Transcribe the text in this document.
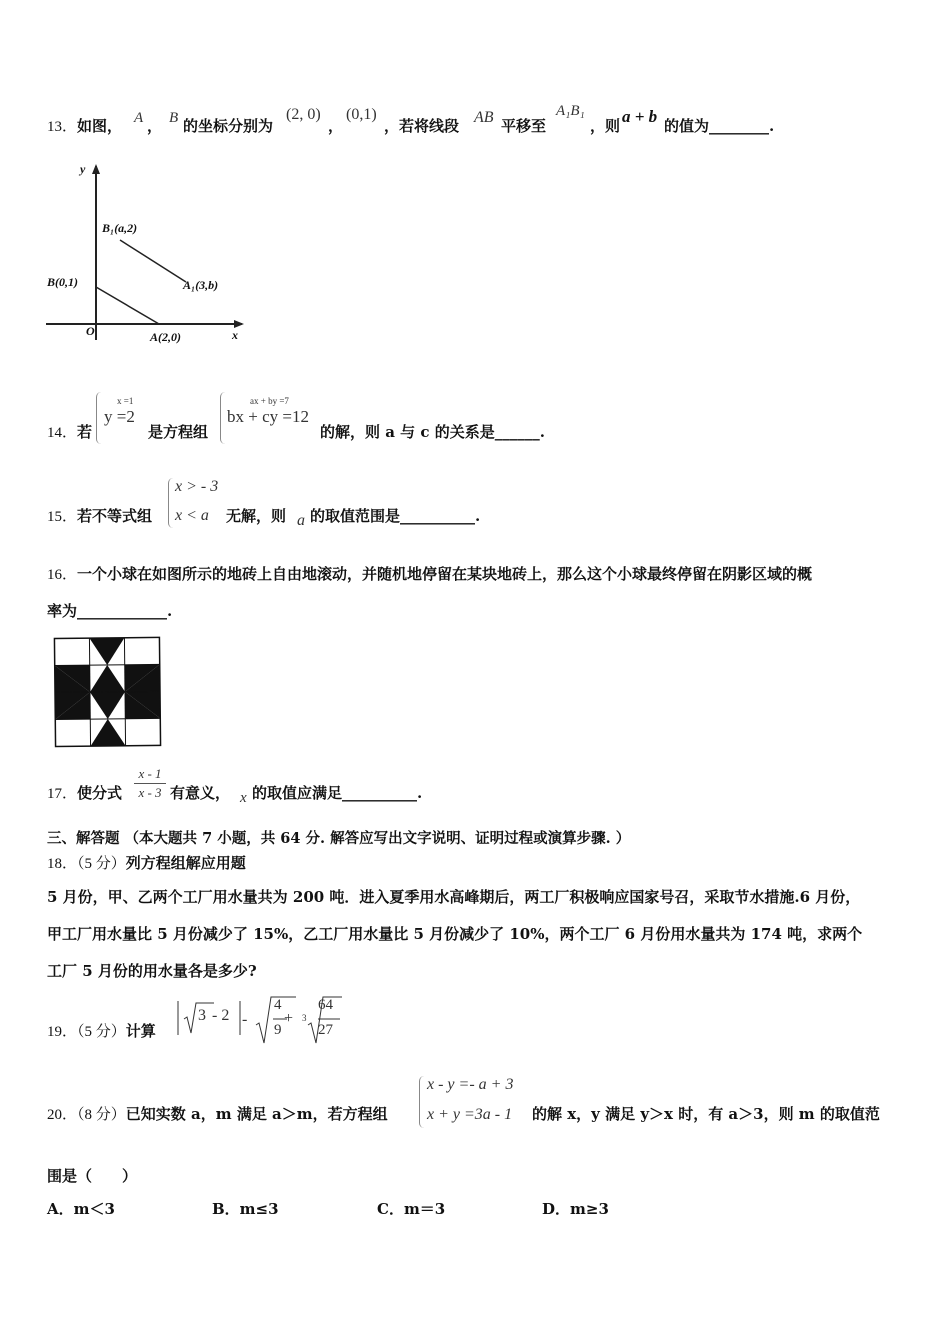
13．如图， A ， B 的坐标分别为
(2, 0)
，
(0,1)
，若将线段 AB 平移至
A₁B₁
，则 a + b 的值为________.
y
x
O
B₁(a,2)
A₁(3,b)
B(0,1)
A(2,0)
14．若
x =1
y =2
是方程组
ax + by =7
bx + cy =12
的解，则 a 与 c 的关系是______.
15．若不等式组
x > - 3
x < a 无解，则 a 的取值范围是__________.
16．一个小球在如图所示的地砖上自由地滚动，并随机地停留在某块地砖上，那么这个小球最终停留在阴影区域的概
率为____________.
17．使分式
x - 1
x - 3 有意义， x 的取值应满足__________.
三、解答题 （本大题共 7 小题，共 64 分. 解答应写出文字说明、证明过程或演算步骤. ）
18．（5 分）列方程组解应用题
5 月份，甲、乙两个工厂用水量共为 200 吨．进入夏季用水高峰期后，两工厂积极响应国家号召，采取节水措施.6 月份，
甲工厂用水量比 5 月份减少了 15%，乙工厂用水量比 5 月份减少了 10%，两个工厂 6 月份用水量共为 174 吨，求两个
工厂 5 月份的用水量各是多少?
19．（5 分）计算
3 - 2 -
4
9
+ 3
64
27
20．（8 分）已知实数 a，m 满足 a＞m，若方程组
x - y =- a + 3
x + y =3a - 1 的解 x，y 满足 y＞x 时，有 a＞3，则 m 的取值范
围是（　　）
A．m＜3	B．m≤3	C．m＝3	D．m≥3
